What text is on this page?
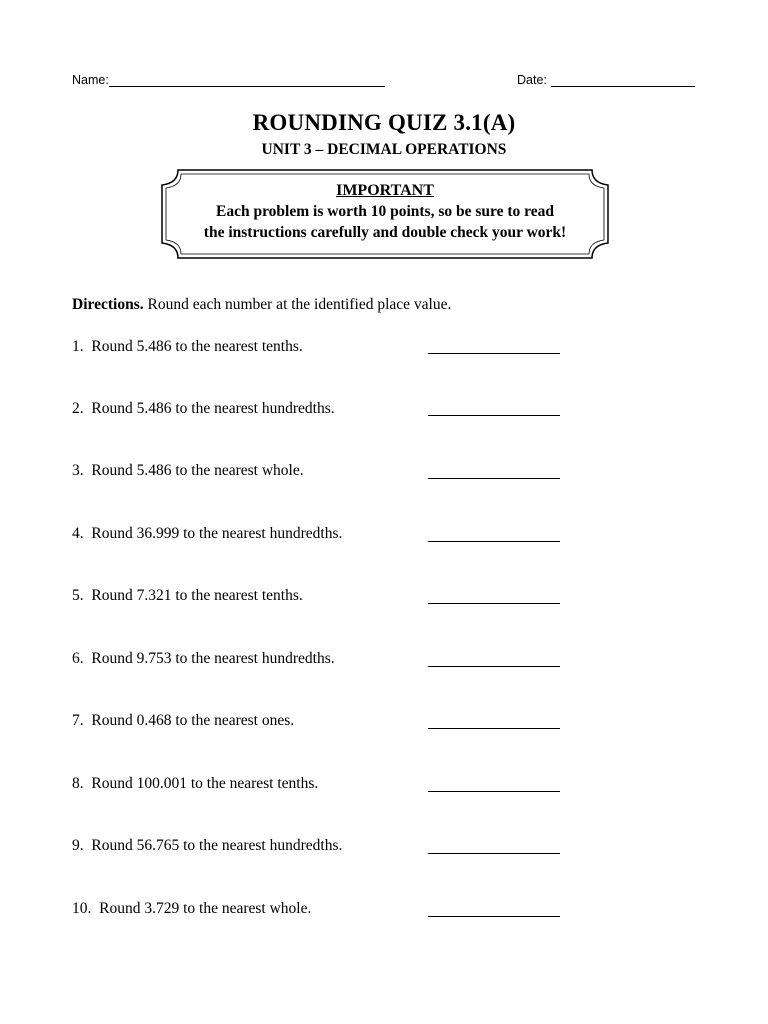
Name:	Date:
ROUNDING QUIZ 3.1(A)
UNIT 3 – DECIMAL OPERATIONS
IMPORTANT
Each problem is worth 10 points, so be sure to read
the instructions carefully and double check your work!
Directions. Round each number at the identified place value.
1.  Round 5.486 to the nearest tenths.
2.  Round 5.486 to the nearest hundredths.
3.  Round 5.486 to the nearest whole.
4.  Round 36.999 to the nearest hundredths.
5.  Round 7.321 to the nearest tenths.
6.  Round 9.753 to the nearest hundredths.
7.  Round 0.468 to the nearest ones.
8.  Round 100.001 to the nearest tenths.
9.  Round 56.765 to the nearest hundredths.
10.  Round 3.729 to the nearest whole.
